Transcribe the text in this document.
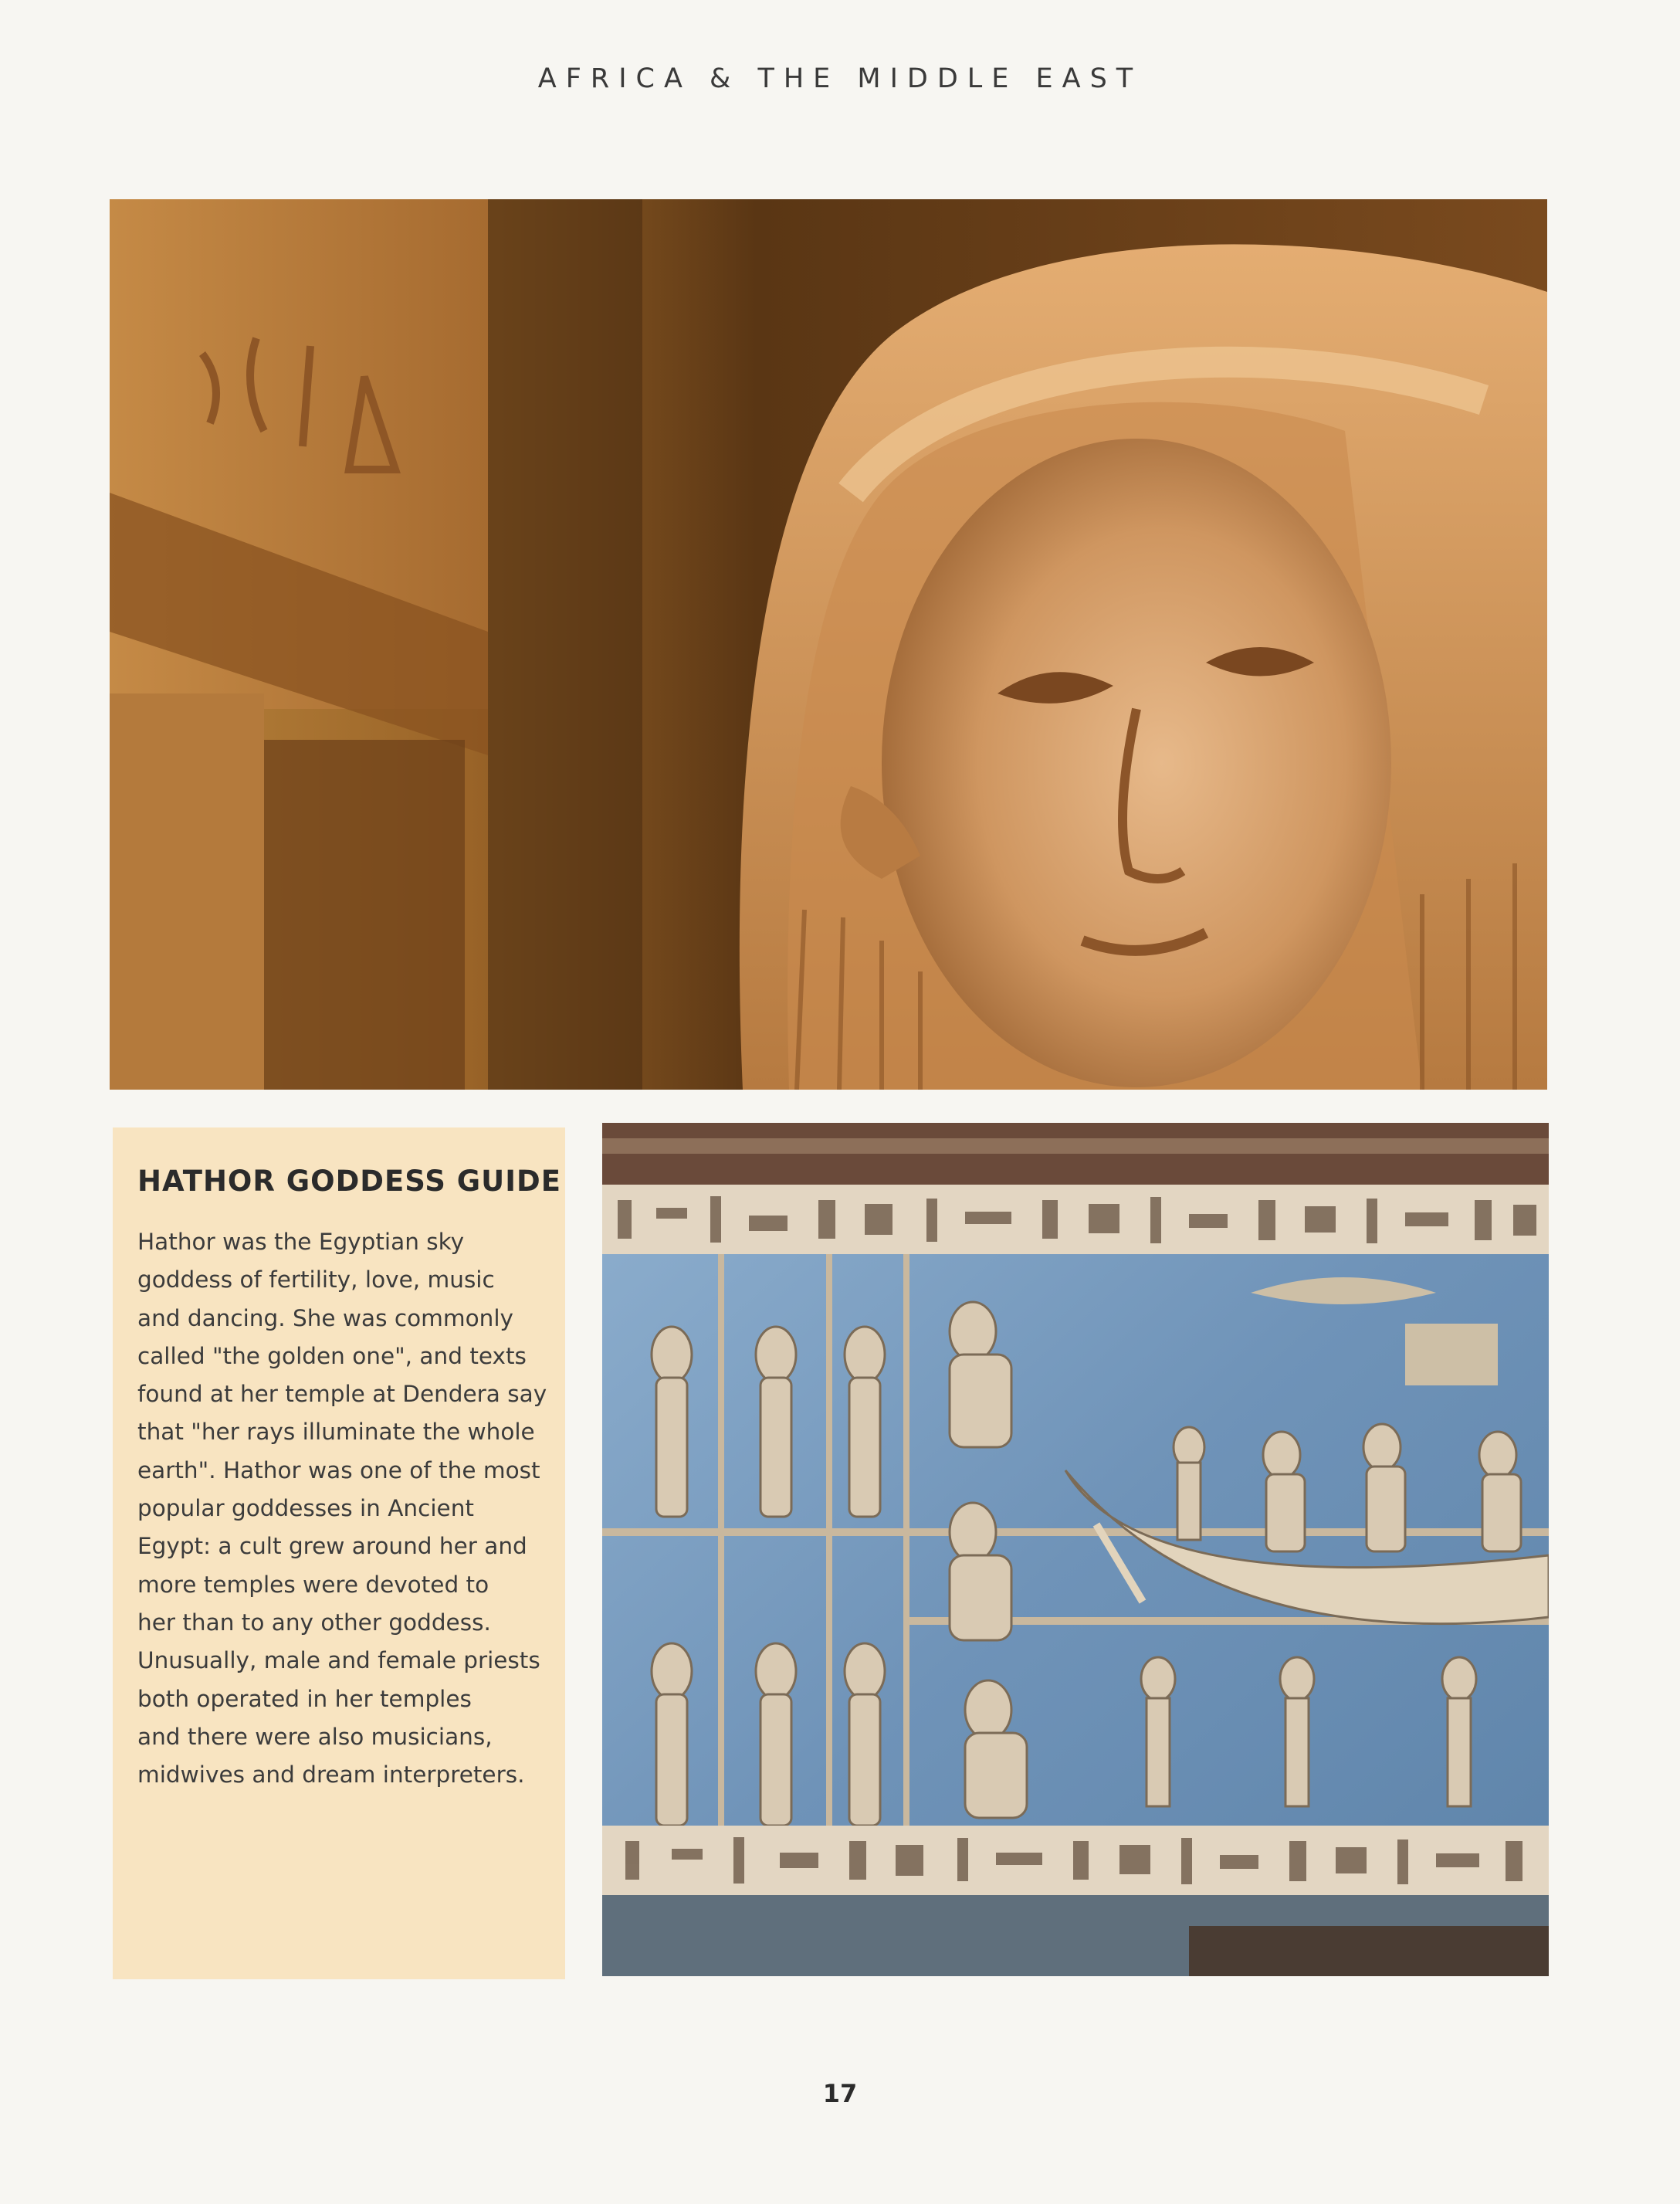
AFRICA & THE MIDDLE EAST
HATHOR GODDESS GUIDE
Hathor was the Egyptian sky
goddess of fertility, love, music
and dancing. She was commonly
called "the golden one", and texts
found at her temple at Dendera say
that "her rays illuminate the whole
earth". Hathor was one of the most
popular goddesses in Ancient
Egypt: a cult grew around her and
more temples were devoted to
her than to any other goddess.
Unusually, male and female priests
both operated in her temples
and there were also musicians,
midwives and dream interpreters.
17
